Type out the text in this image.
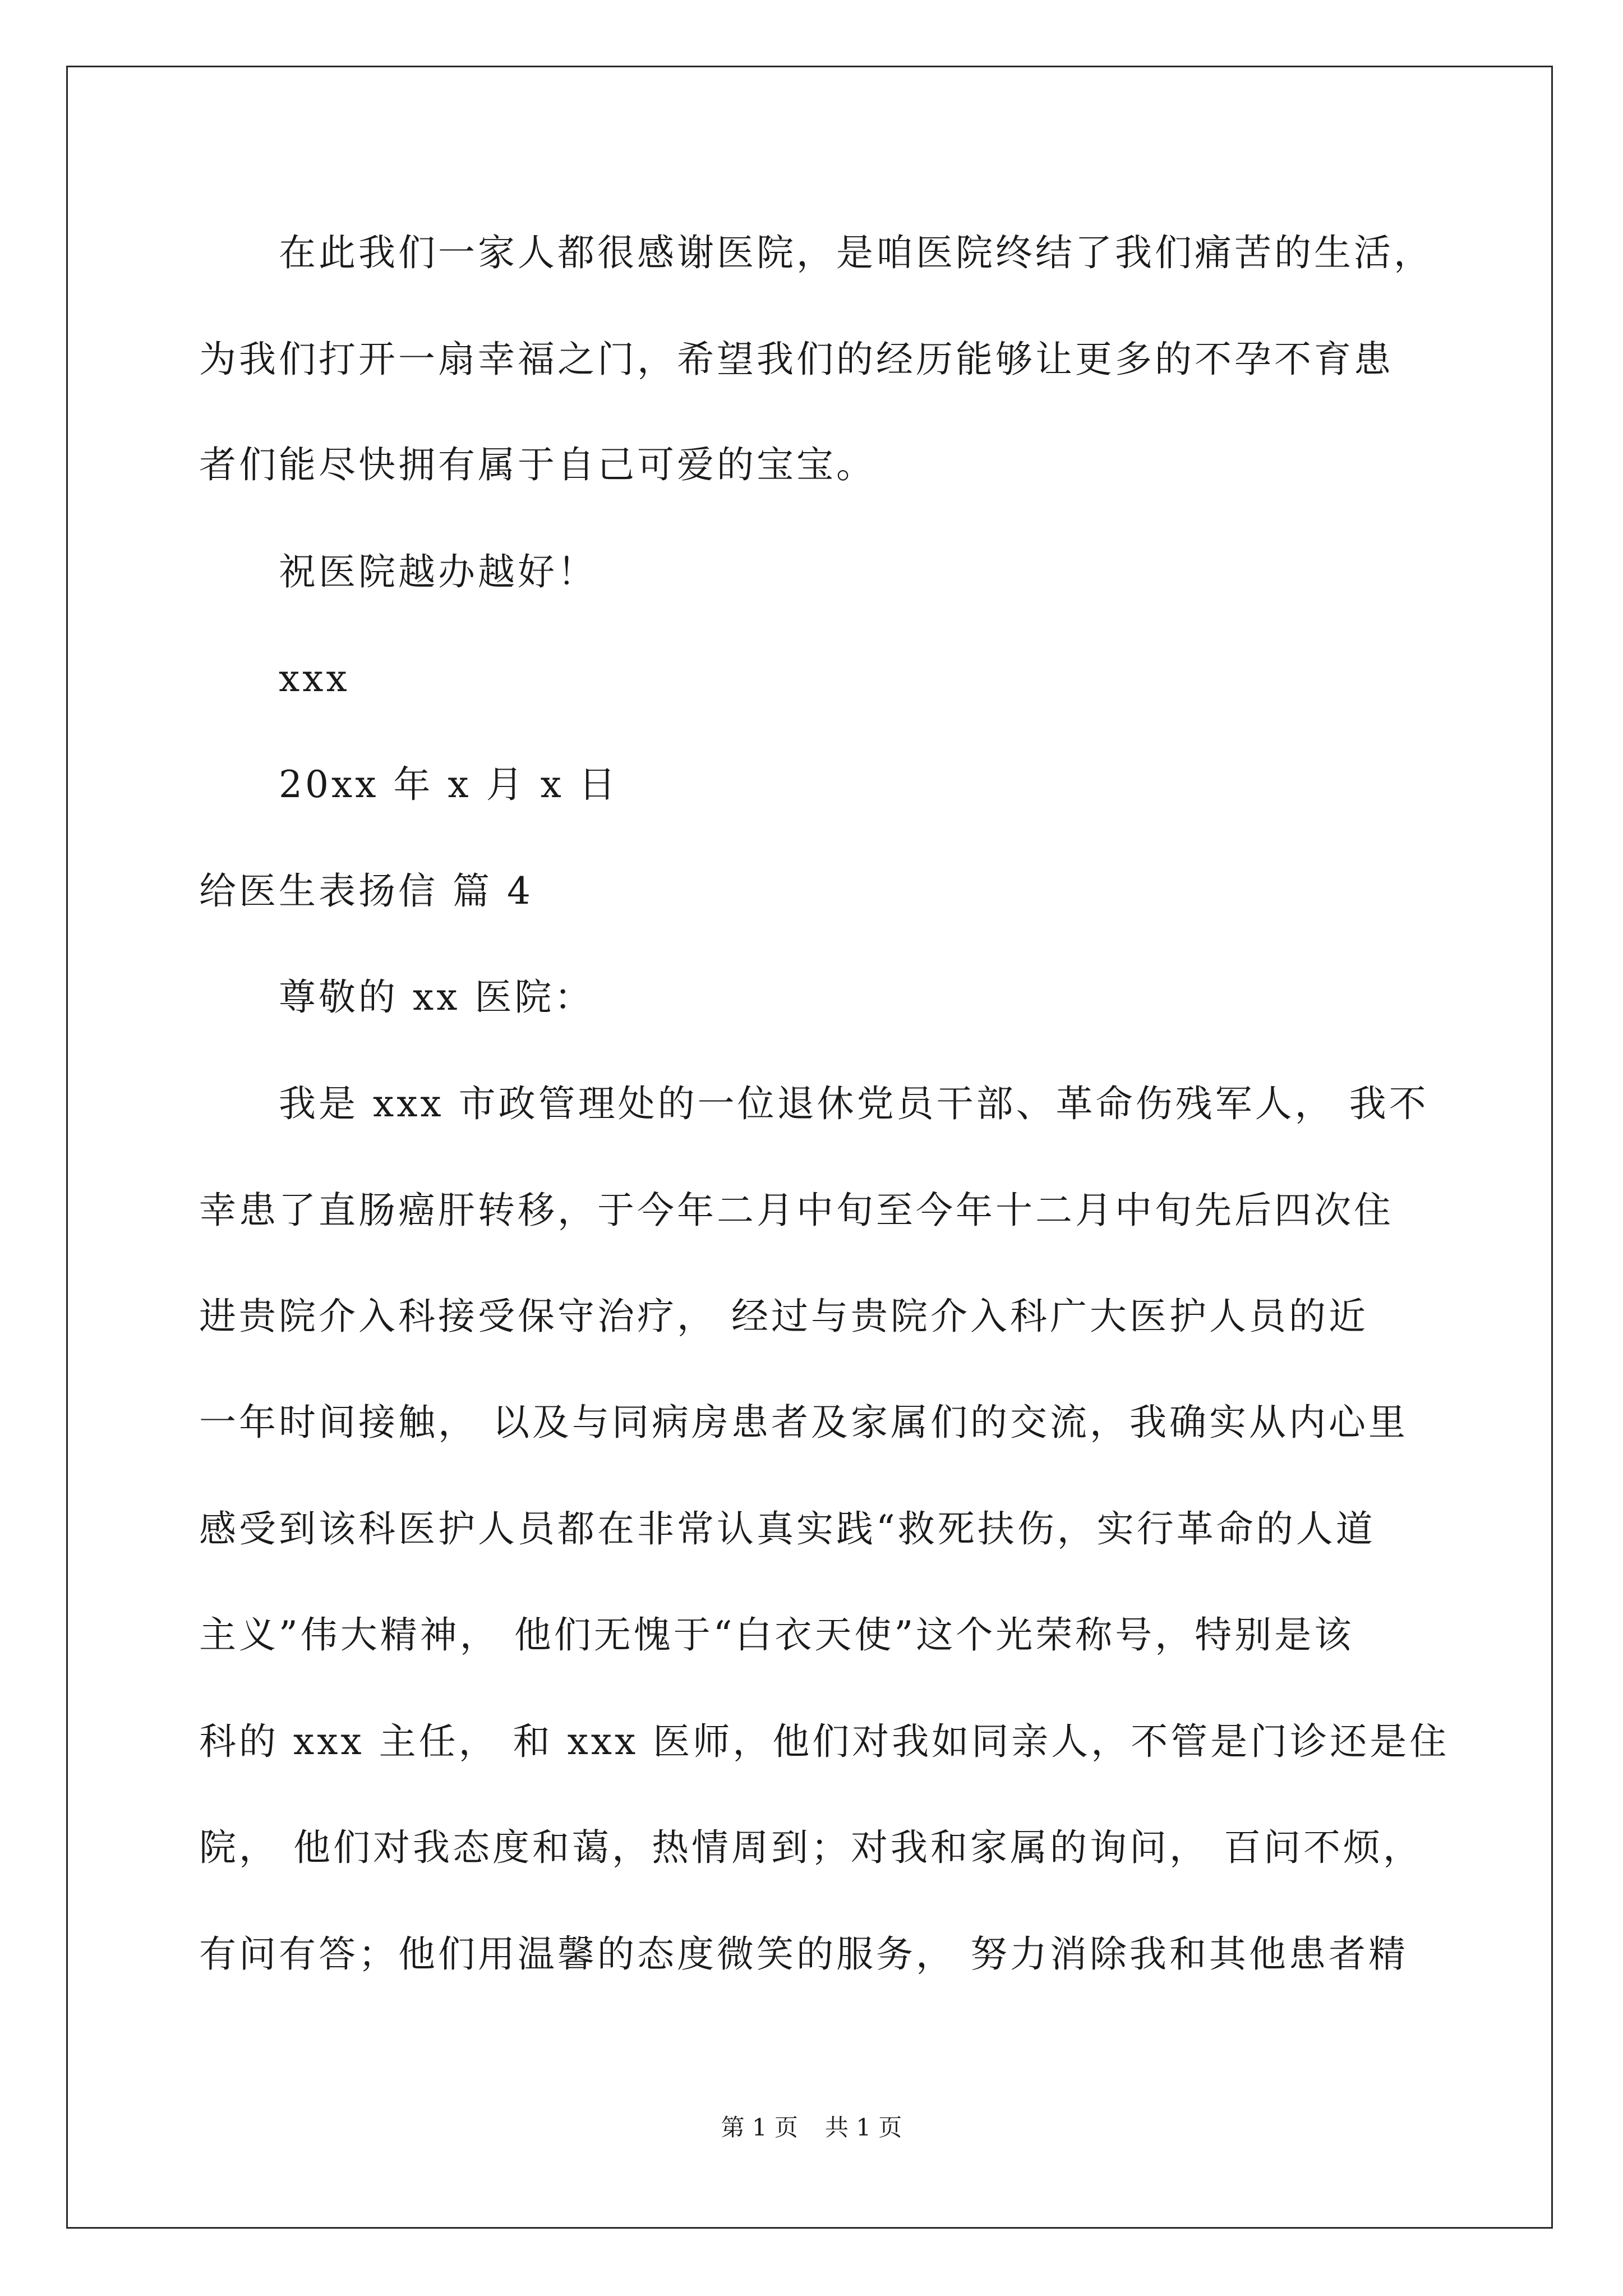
在此我们一家人都很感谢医院，是咱医院终结了我们痛苦的生活，
为我们打开一扇幸福之门，希望我们的经历能够让更多的不孕不育患
者们能尽快拥有属于自己可爱的宝宝。
祝医院越办越好！
xxx
20xx 年 x 月 x 日
给医生表扬信 篇 4
尊敬的 xx 医院：
我是 xxx 市政管理处的一位退休党员干部、革命伤残军人， 我不
幸患了直肠癌肝转移，于今年二月中旬至今年十二月中旬先后四次住
进贵院介入科接受保守治疗， 经过与贵院介入科广大医护人员的近
一年时间接触， 以及与同病房患者及家属们的交流，我确实从内心里
感受到该科医护人员都在非常认真实践“救死扶伤，实行革命的人道
主义”伟大精神， 他们无愧于“白衣天使”这个光荣称号，特别是该
科的 xxx 主任， 和 xxx 医师，他们对我如同亲人，不管是门诊还是住
院， 他们对我态度和蔼，热情周到；对我和家属的询问， 百问不烦，
有问有答；他们用温馨的态度微笑的服务， 努力消除我和其他患者精
第 1 页 共 1 页
